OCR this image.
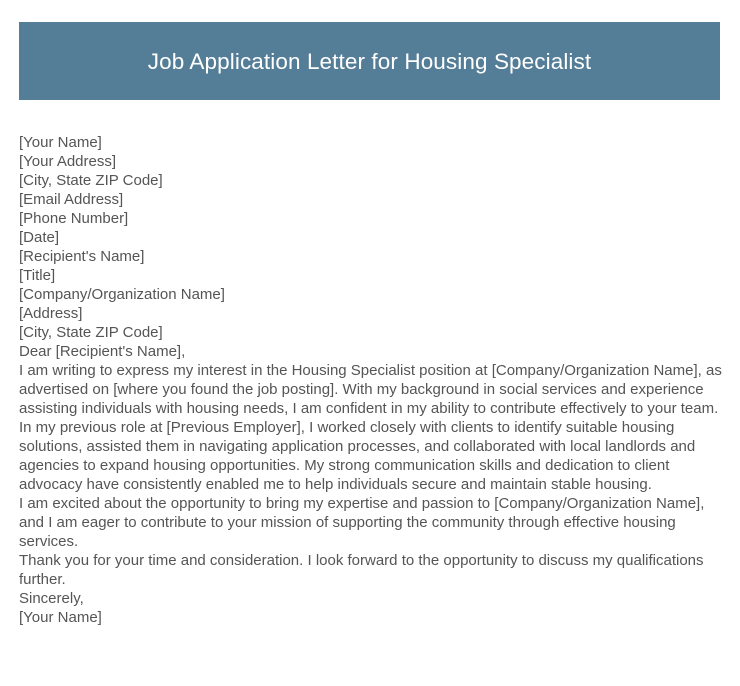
Job Application Letter for Housing Specialist
[Your Name]
[Your Address]
[City, State ZIP Code]
[Email Address]
[Phone Number]
[Date]
[Recipient's Name]
[Title]
[Company/Organization Name]
[Address]
[City, State ZIP Code]
Dear [Recipient's Name],

I am writing to express my interest in the Housing Specialist position at [Company/Organization Name], as advertised on [where you found the job posting]. With my background in social services and experience assisting individuals with housing needs, I am confident in my ability to contribute effectively to your team.

In my previous role at [Previous Employer], I worked closely with clients to identify suitable housing solutions, assisted them in navigating application processes, and collaborated with local landlords and agencies to expand housing opportunities. My strong communication skills and dedication to client advocacy have consistently enabled me to help individuals secure and maintain stable housing.

I am excited about the opportunity to bring my expertise and passion to [Company/Organization Name], and I am eager to contribute to your mission of supporting the community through effective housing services.

Thank you for your time and consideration. I look forward to the opportunity to discuss my qualifications further.

Sincerely,
[Your Name]
